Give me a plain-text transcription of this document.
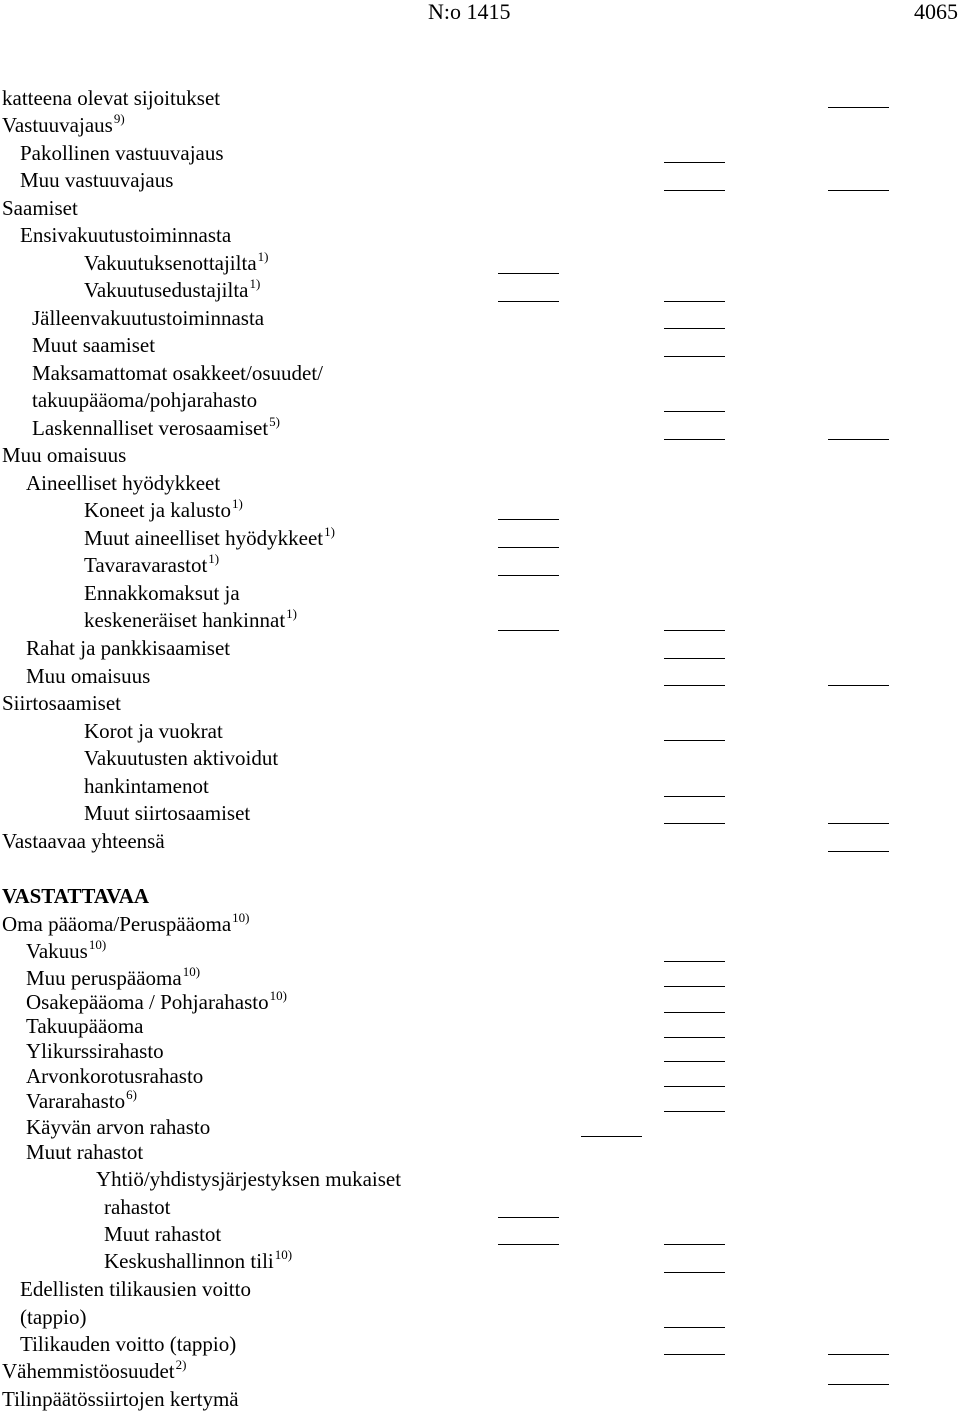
N:o 1415	4065
katteena olevat sijoitukset
Vastuuvajaus$^{9)}$
Pakollinen vastuuvajaus
Muu vastuuvajaus
Saamiset
Ensivakuutustoiminnasta
Vakuutuksenottajilta$^{1)}$
Vakuutusedustajilta$^{1)}$
Jälleenvakuutustoiminnasta
Muut saamiset
Maksamattomat osakkeet/osuudet/
takuupääoma/pohjarahasto
Laskennalliset verosaamiset$^{5)}$
Muu omaisuus
Aineelliset hyödykkeet
Koneet ja kalusto$^{1)}$
Muut aineelliset hyödykkeet$^{1)}$
Tavaravarastot$^{1)}$
Ennakkomaksut ja
keskeneräiset hankinnat$^{1)}$
Rahat ja pankkisaamiset
Muu omaisuus
Siirtosaamiset
Korot ja vuokrat
Vakuutusten aktivoidut
hankintamenot
Muut siirtosaamiset
Vastaavaa yhteensä
VASTATTAVAA
Oma pääoma/Peruspääoma$^{10)}$
Vakuus$^{10)}$
Muu peruspääoma$^{10)}$
Osakepääoma / Pohjarahasto$^{10)}$
Takuupääoma
Ylikurssirahasto
Arvonkorotusrahasto
Vararahasto$^{6)}$
Käyvän arvon rahasto
Muut rahastot
Yhtiö/yhdistysjärjestyksen mukaiset
rahastot
Muut rahastot
Keskushallinnon tili$^{10)}$
Edellisten tilikausien voitto
(tappio)
Tilikauden voitto (tappio)
Vähemmistöosuudet$^{2)}$
Tilinpäätössiirtojen kertymä
